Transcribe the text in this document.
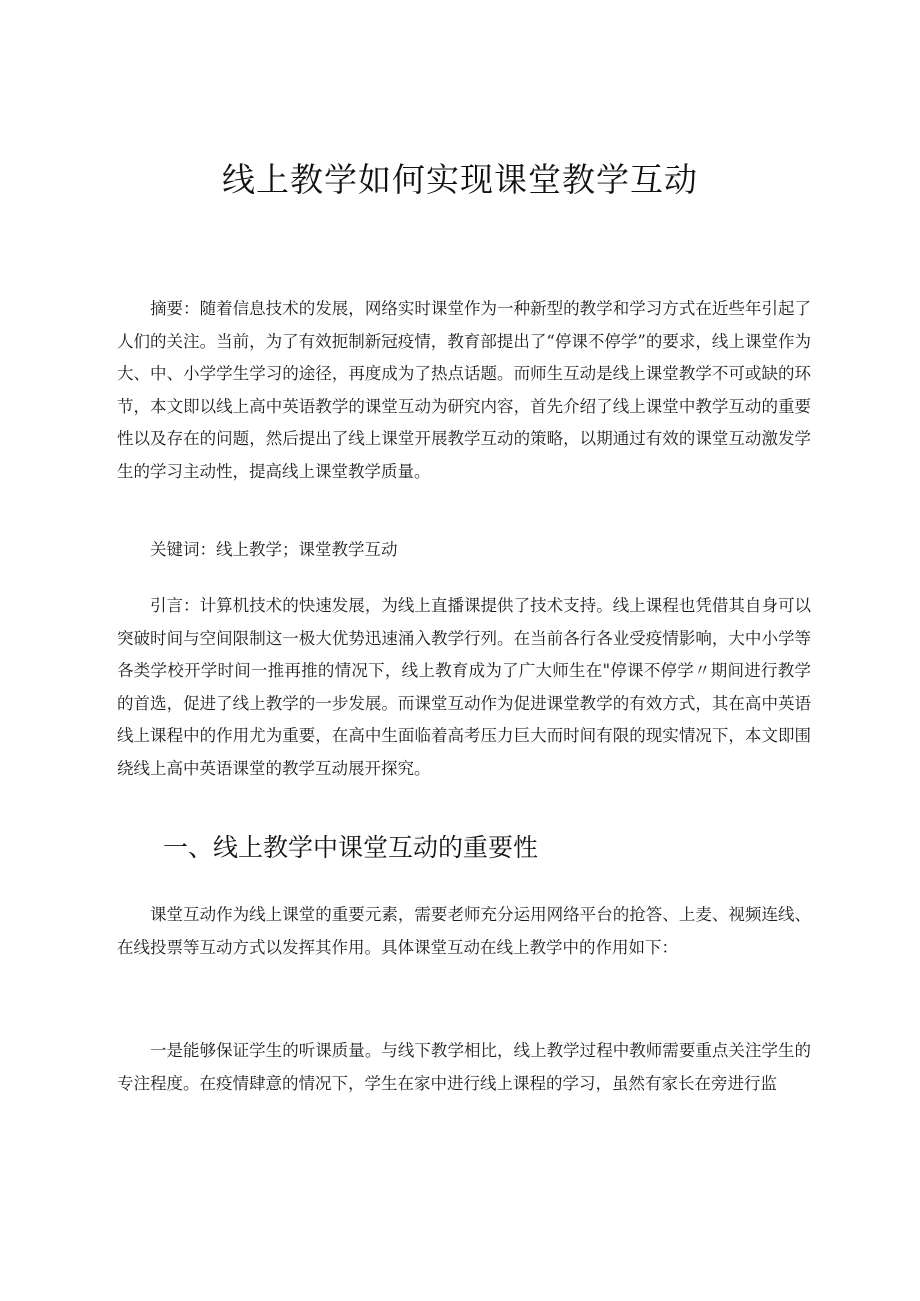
线上教学如何实现课堂教学互动

摘要：随着信息技术的发展，网络实时课堂作为一种新型的教学和学习方式在近些年引起了人们的关注。当前，为了有效扼制新冠疫情，教育部提出了“停课不停学”的要求，线上课堂作为大、中、小学学生学习的途径，再度成为了热点话题。而师生互动是线上课堂教学不可或缺的环节，本文即以线上高中英语教学的课堂互动为研究内容，首先介绍了线上课堂中教学互动的重要性以及存在的问题，然后提出了线上课堂开展教学互动的策略，以期通过有效的课堂互动激发学生的学习主动性，提高线上课堂教学质量。

关键词：线上教学；课堂教学互动

引言：计算机技术的快速发展，为线上直播课提供了技术支持。线上课程也凭借其自身可以突破时间与空间限制这一极大优势迅速涌入教学行列。在当前各行各业受疫情影响，大中小学等各类学校开学时间一推再推的情况下，线上教育成为了广大师生在"停课不停学〃期间进行教学的首选，促进了线上教学的一步发展。而课堂互动作为促进课堂教学的有效方式，其在高中英语线上课程中的作用尤为重要，在高中生面临着高考压力巨大而时间有限的现实情况下，本文即围绕线上高中英语课堂的教学互动展开探究。

一、线上教学中课堂互动的重要性

课堂互动作为线上课堂的重要元素，需要老师充分运用网络平台的抢答、上麦、视频连线、在线投票等互动方式以发挥其作用。具体课堂互动在线上教学中的作用如下：

一是能够保证学生的听课质量。与线下教学相比，线上教学过程中教师需要重点关注学生的专注程度。在疫情肆意的情况下，学生在家中进行线上课程的学习，虽然有家长在旁进行监
